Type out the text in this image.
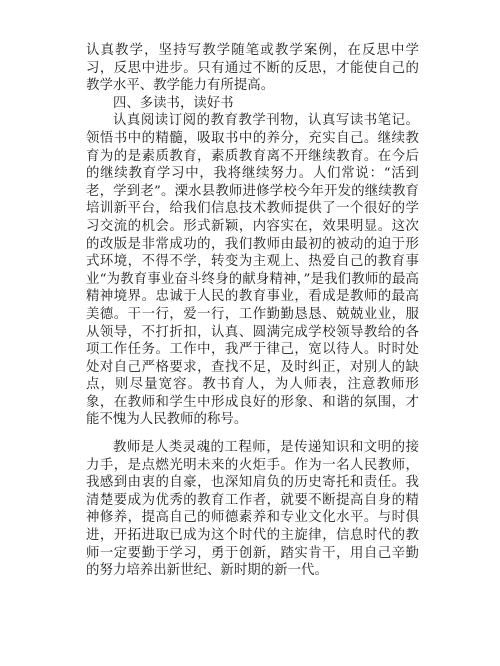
认真教学，坚持写教学随笔或教学案例，在反思中学习，反思中进步。只有通过不断的反思，才能使自己的教学水平、教学能力有所提高。

四、多读书，读好书

认真阅读订阅的教育教学刊物，认真写读书笔记。领悟书中的精髓，吸取书中的养分，充实自己。继续教育为的是素质教育，素质教育离不开继续教育。在今后的继续教育学习中，我将继续努力。人们常说：“活到老，学到老”。溧水县教师进修学校今年开发的继续教育培训新平台，给我们信息技术教师提供了一个很好的学习交流的机会。形式新颖，内容实在，效果明显。这次的改版是非常成功的，我们教师由最初的被动的迫于形式环境，不得不学，转变为主观上、热爱自己的教育事业“为教育事业奋斗终身的献身精神，”是我们教师的最高精神境界。忠诚于人民的教育事业，看成是教师的最高美德。干一行，爱一行，工作勤勤恳恳、兢兢业业，服从领导，不打折扣，认真、圆满完成学校领导教给的各项工作任务。工作中，我严于律己，宽以待人。时时处处对自己严格要求，查找不足，及时纠正，对别人的缺点，则尽量宽容。教书育人，为人师表，注意教师形象，在教师和学生中形成良好的形象、和谐的氛围，才能不愧为人民教师的称号。

教师是人类灵魂的工程师，是传递知识和文明的接力手，是点燃光明未来的火炬手。作为一名人民教师，我感到由衷的自豪，也深知肩负的历史寄托和责任。我清楚要成为优秀的教育工作者，就要不断提高自身的精神修养，提高自己的师德素养和专业文化水平。与时俱进，开拓进取已成为这个时代的主旋律，信息时代的教师一定要勤于学习，勇于创新，踏实肯干，用自己辛勤的努力培养出新世纪、新时期的新一代。
